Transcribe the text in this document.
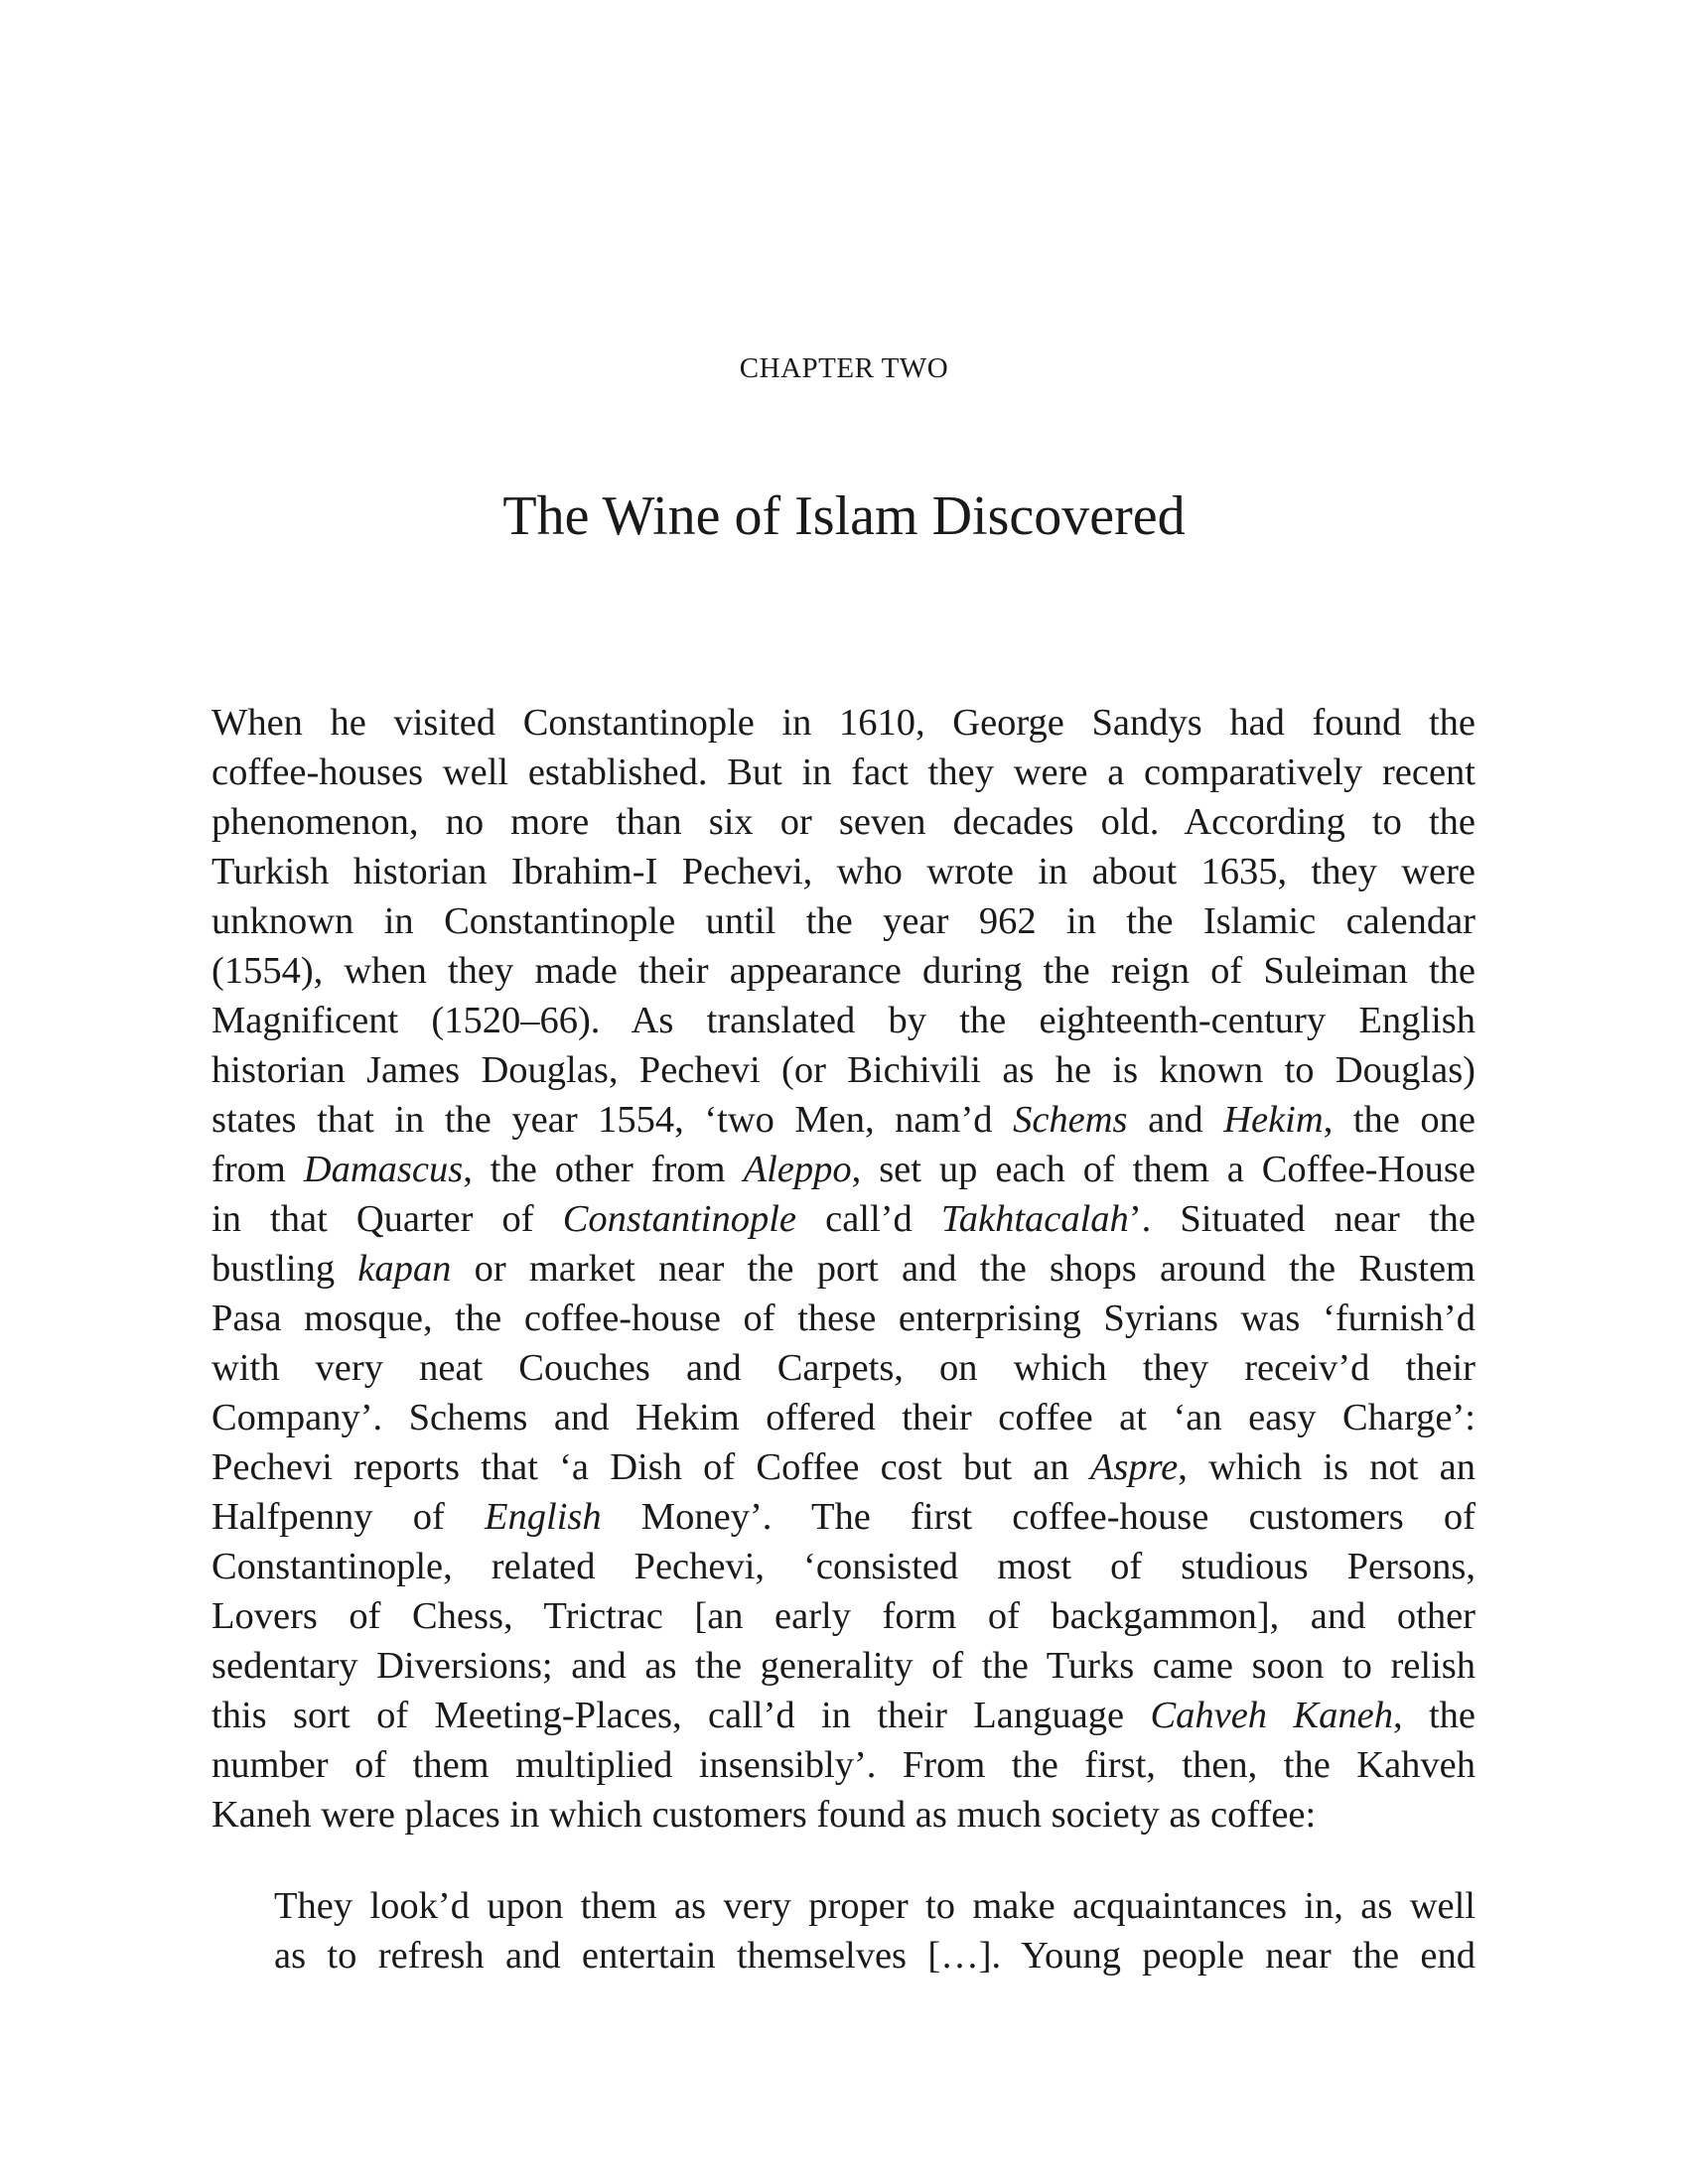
CHAPTER TWO
The Wine of Islam Discovered
When he visited Constantinople in 1610, George Sandys had found the
coffee-houses well established. But in fact they were a comparatively recent
phenomenon, no more than six or seven decades old. According to the
Turkish historian Ibrahim-I Pechevi, who wrote in about 1635, they were
unknown in Constantinople until the year 962 in the Islamic calendar
(1554), when they made their appearance during the reign of Suleiman the
Magnificent (1520–66). As translated by the eighteenth-century English
historian James Douglas, Pechevi (or Bichivili as he is known to Douglas)
states that in the year 1554, ‘two Men, nam’d Schems and Hekim, the one
from Damascus, the other from Aleppo, set up each of them a Coffee-House
in that Quarter of Constantinople call’d Takhtacalah’. Situated near the
bustling kapan or market near the port and the shops around the Rustem
Pasa mosque, the coffee-house of these enterprising Syrians was ‘furnish’d
with very neat Couches and Carpets, on which they receiv’d their
Company’. Schems and Hekim offered their coffee at ‘an easy Charge’:
Pechevi reports that ‘a Dish of Coffee cost but an Aspre, which is not an
Halfpenny of English Money’. The first coffee-house customers of
Constantinople, related Pechevi, ‘consisted most of studious Persons,
Lovers of Chess, Trictrac [an early form of backgammon], and other
sedentary Diversions; and as the generality of the Turks came soon to relish
this sort of Meeting-Places, call’d in their Language Cahveh Kaneh, the
number of them multiplied insensibly’. From the first, then, the Kahveh
Kaneh were places in which customers found as much society as coffee:
They look’d upon them as very proper to make acquaintances in, as well
as to refresh and entertain themselves […]. Young people near the end
